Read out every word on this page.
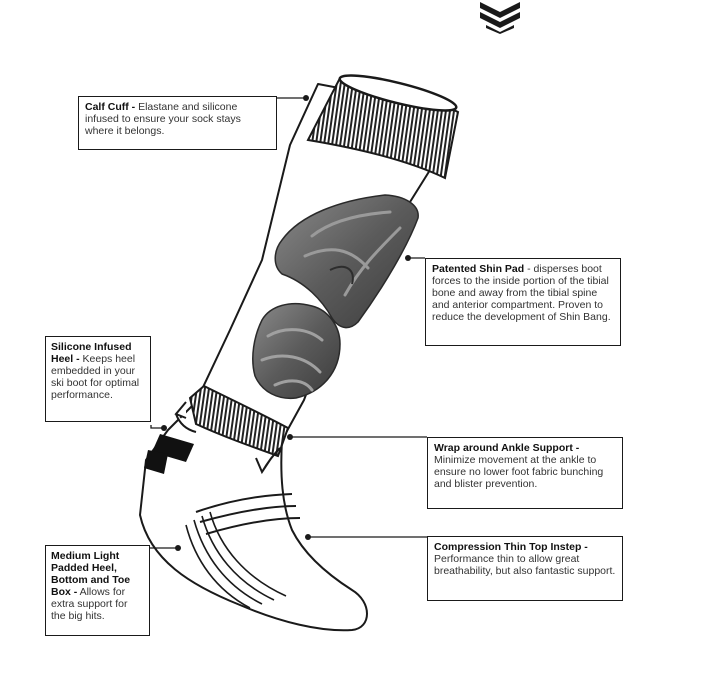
Calf Cuff - Elastane and silicone infused to ensure your sock stays where it belongs.
Patented Shin Pad - disperses boot forces to the inside portion of the tibial bone and away from the tibial spine and anterior compartment. Proven to reduce the development of Shin Bang.
Silicone Infused Heel - Keeps heel embedded in your ski boot for optimal performance.
Wrap around Ankle Support - Minimize movement at the ankle to ensure no lower foot fabric bunching and blister prevention.
Compression Thin Top Instep - Performance thin to allow great breathability, but also fantastic support.
Medium Light Padded Heel, Bottom and Toe Box - Allows for extra support for the big hits.
